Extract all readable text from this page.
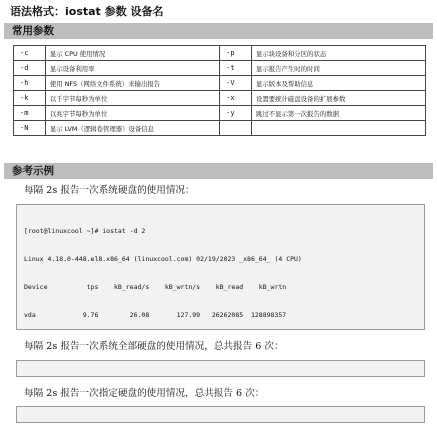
语法格式：iostat 参数 设备名
常用参数
-c	显示 CPU 使用情况	-p	显示块设备和分区的状态
-d	显示设备利用率	-t	显示报告产生时的时间
-h	使用 NFS（网络文件系统）来输出报告	-V	显示版本及帮助信息
-k	以千字节每秒为单位	-x	设置要统计磁盘设备的扩展参数
-m	以兆字节每秒为单位	-y	跳过不显示第一次报告的数据
-N	显示 LVM（逻辑卷管理器）设备信息		
参考示例
每隔 2s 报告一次系统硬盘的使用情况：

[root@linuxcool ~]# iostat -d 2

Linux 4.18.0-448.el8.x86_64 (linuxcool.com) 02/19/2023 _x86_64_ (4 CPU)

Device          tps    kB_read/s    kB_wrtn/s    kB_read    kB_wrtn

vda            9.76        26.08       127.99   26262085  128898357

每隔 2s 报告一次系统全部硬盘的使用情况，总共报告 6 次：

每隔 2s 报告一次指定硬盘的使用情况，总共报告 6 次：
